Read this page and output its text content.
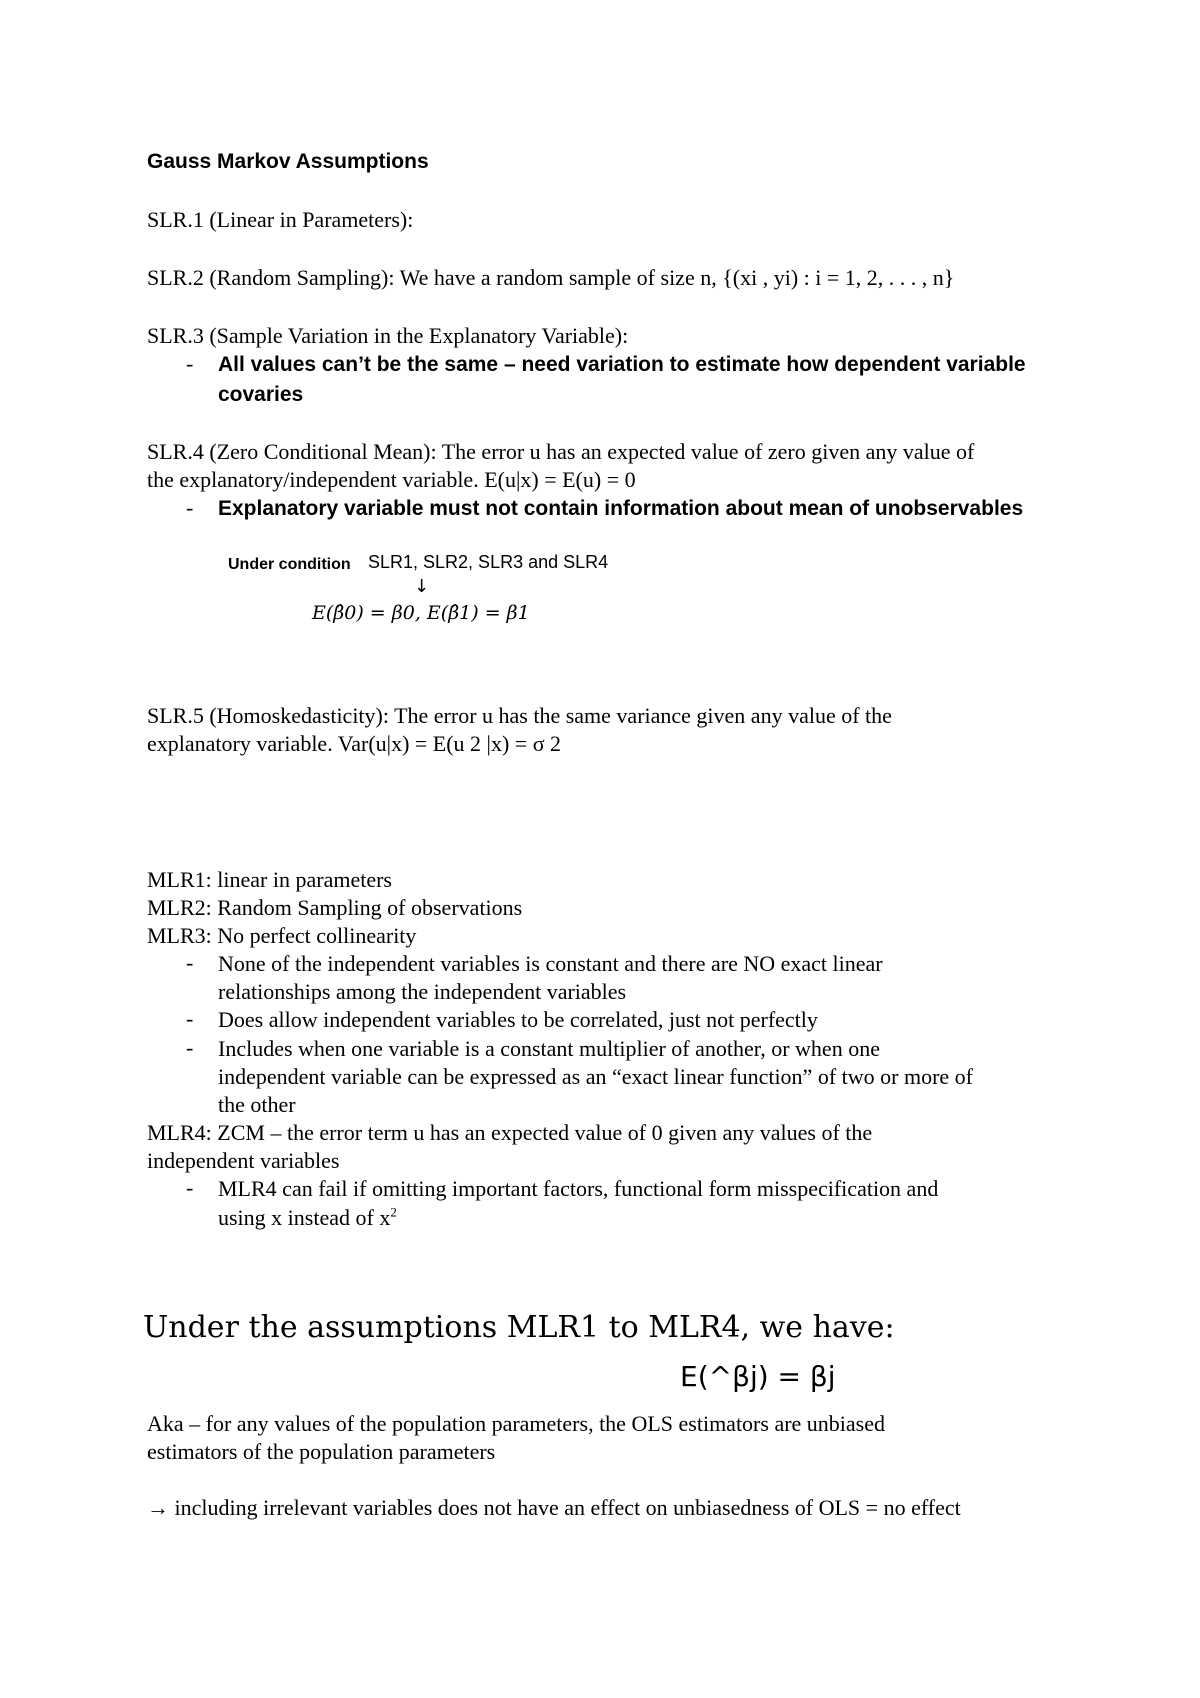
Gauss Markov Assumptions
SLR.1 (Linear in Parameters):
SLR.2 (Random Sampling): We have a random sample of size n, {(xi , yi) : i = 1, 2, . . . , n}
SLR.3 (Sample Variation in the Explanatory Variable):
- All values can’t be the same – need variation to estimate how dependent variable
covaries
SLR.4 (Zero Conditional Mean): The error u has an expected value of zero given any value of
the explanatory/independent variable. E(u|x) = E(u) = 0
- Explanatory variable must not contain information about mean of unobservables
Under condition SLR1, SLR2, SLR3 and SLR4
↓
E(β̂0) = β0, E(β̂1) = β1
SLR.5 (Homoskedasticity): The error u has the same variance given any value of the
explanatory variable. Var(u|x) = E(u 2 |x) = σ 2
MLR1: linear in parameters
MLR2: Random Sampling of observations
MLR3: No perfect collinearity
- None of the independent variables is constant and there are NO exact linear
relationships among the independent variables
- Does allow independent variables to be correlated, just not perfectly
- Includes when one variable is a constant multiplier of another, or when one
independent variable can be expressed as an “exact linear function” of two or more of
the other
MLR4: ZCM – the error term u has an expected value of 0 given any values of the
independent variables
- MLR4 can fail if omitting important factors, functional form misspecification and
using x instead of $x^2$
Under the assumptions MLR1 to MLR4, we have:
E(^βj) = βj
Aka – for any values of the population parameters, the OLS estimators are unbiased
estimators of the population parameters
→ including irrelevant variables does not have an effect on unbiasedness of OLS = no effect
